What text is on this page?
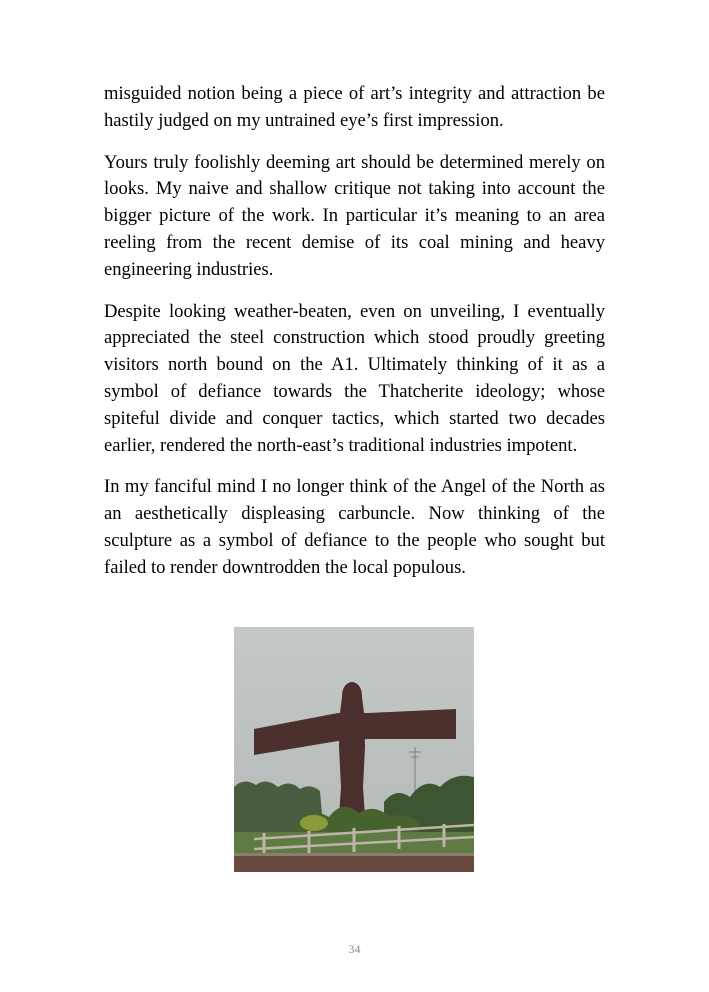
misguided notion being a piece of art’s integrity and attraction be hastily judged on my untrained eye’s first impression.

Yours truly foolishly deeming art should be determined merely on looks. My naive and shallow critique not taking into account the bigger picture of the work. In particular it’s meaning to an area reeling from the recent demise of its coal mining and heavy engineering industries.

Despite looking weather-beaten, even on unveiling, I eventually appreciated the steel construction which stood proudly greeting visitors north bound on the A1. Ultimately thinking of it as a symbol of defiance towards the Thatcherite ideology; whose spiteful divide and conquer tactics, which started two decades earlier, rendered the north-east’s traditional industries impotent.

In my fanciful mind I no longer think of the Angel of the North as an aesthetically displeasing carbuncle. Now thinking of the sculpture as a symbol of defiance to the people who sought but failed to render downtrodden the local populous.

34
